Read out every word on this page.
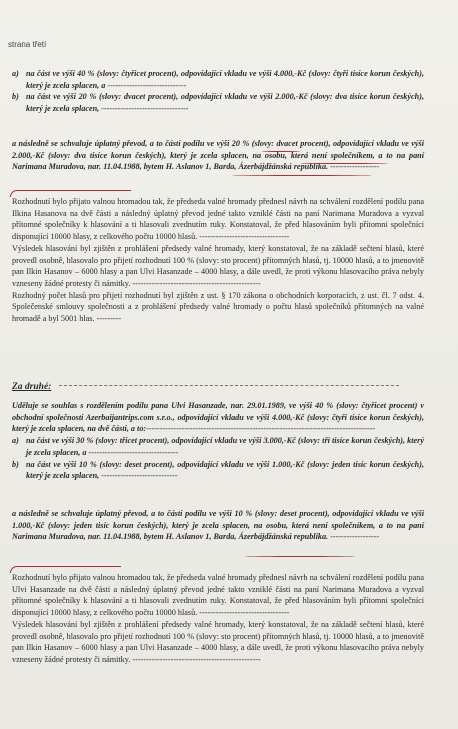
strana třetí
a) na část ve výši 40 % (slovy: čtyřicet procent), odpovídající vkladu ve výši 4.000,-Kč (slovy: čtyři tisíce korun českých), který je zcela splacen, a -----------------------------
b) na část ve výši 20 % (slovy: dvacet procent), odpovídající vkladu ve výši 2.000,-Kč (slovy: dva tisíce korun českých), který je zcela splacen, --------------------------------

a následně se schvaluje úplatný převod, a to části podílu ve výši 20 % (slovy: dvacet procent), odpovídající vkladu ve výši 2.000,-Kč (slovy: dva tisíce korun českých), který je zcela splacen, na osobu, která není společníkem, a to na paní Narimana Muradova, nar. 11.04.1988, bytem H. Aslanov 1, Barda, Ázerbájdžánská republika. ------------------

Rozhodnutí bylo přijato valnou hromadou tak, že předseda valné hromady přednesl návrh na schválení rozdělení podílu pana Ilkina Hasanova na dvě části a následný úplatný převod jedné takto vzniklé části na paní Narimana Muradova a vyzval přítomné společníky k hlasování a ti hlasovali zvednutím ruky. Konstatoval, že před hlasováním byli přítomni společníci disponující 10000 hlasy, z celkového počtu 10000 hlasů. ---------------------------------

Výsledek hlasování byl zjištěn z prohlášení předsedy valné hromady, který konstatoval, že na základě sečtení hlasů, které provedl osobně, hlasovalo pro přijetí rozhodnutí 100 % (slovy: sto procent) přítomných hlasů, tj. 10000 hlasů, a to jmenovitě pan Ilkin Hasanov – 6000 hlasy a pan Ulvi Hasanzade – 4000 hlasy, a dále uvedl, že proti výkonu hlasovacího práva nebyly vzneseny žádné protesty či námitky. -----------------------------------------------

Rozhodný počet hlasů pro přijetí rozhodnutí byl zjištěn z ust. § 170 zákona o obchodních korporacích, z ust. čl. 7 odst. 4. Společenské smlouvy společnosti a z prohlášení předsedy valné hromady o počtu hlasů společníků přítomných na valné hromadě a byl 5001 hlas. ---------

Za druhé:

Uděluje se souhlas s rozdělením podílu pana Ulvi Hasanzade, nar. 29.01.1989, ve výši 40 % (slovy: čtyřicet procent) v obchodní společnosti Azerbaijantrips.com s.r.o., odpovídající vkladu ve výši 4.000,-Kč (slovy: čtyři tisíce korun českých), který je zcela splacen, na dvě části, a to:------------------------------------------------------------------------------------

a) na část ve výši 30 % (slovy: třicet procent), odpovídající vkladu ve výši 3.000,-Kč (slovy: tři tisíce korun českých), který je zcela splacen, a ---------------------------------
b) na část ve výši 10 % (slovy: deset procent), odpovídající vkladu ve výši 1.000,-Kč (slovy: jeden tisíc korun českých), který je zcela splacen, ----------------------------

a následně se schvaluje úplatný převod, a to části podílu ve výši 10 % (slovy: deset procent), odpovídající vkladu ve výši 1.000,-Kč (slovy: jeden tisíc korun českých), který je zcela splacen, na osobu, která není společníkem, a to na paní Narimana Muradova, nar. 11.04.1988, bytem H. Aslanov 1, Barda, Ázerbájdžánská republika. ------------------

Rozhodnutí bylo přijato valnou hromadou tak, že předseda valné hromady přednesl návrh na schválení rozdělení podílu pana Ulvi Hasanzade na dvě části a následný úplatný převod jedné takto vzniklé části na paní Narimana Muradova a vyzval přítomné společníky k hlasování a ti hlasovali zvednutím ruky. Konstatoval, že před hlasováním byli přítomni společníci disponující 10000 hlasy, z celkového počtu 10000 hlasů. ---------------------------------

Výsledek hlasování byl zjištěn z prohlášení předsedy valné hromady, který konstatoval, že na základě sečtení hlasů, které provedl osobně, hlasovalo pro přijetí rozhodnutí 100 % (slovy: sto procent) přítomných hlasů, tj. 10000 hlasů, a to jmenovitě pan Ilkin Hasanov – 6000 hlasy a pan Ulvi Hasanzade – 4000 hlasy, a dále uvedl, že proti výkonu hlasovacího práva nebyly vzneseny žádné protesty či námitky. -----------------------------------------------
